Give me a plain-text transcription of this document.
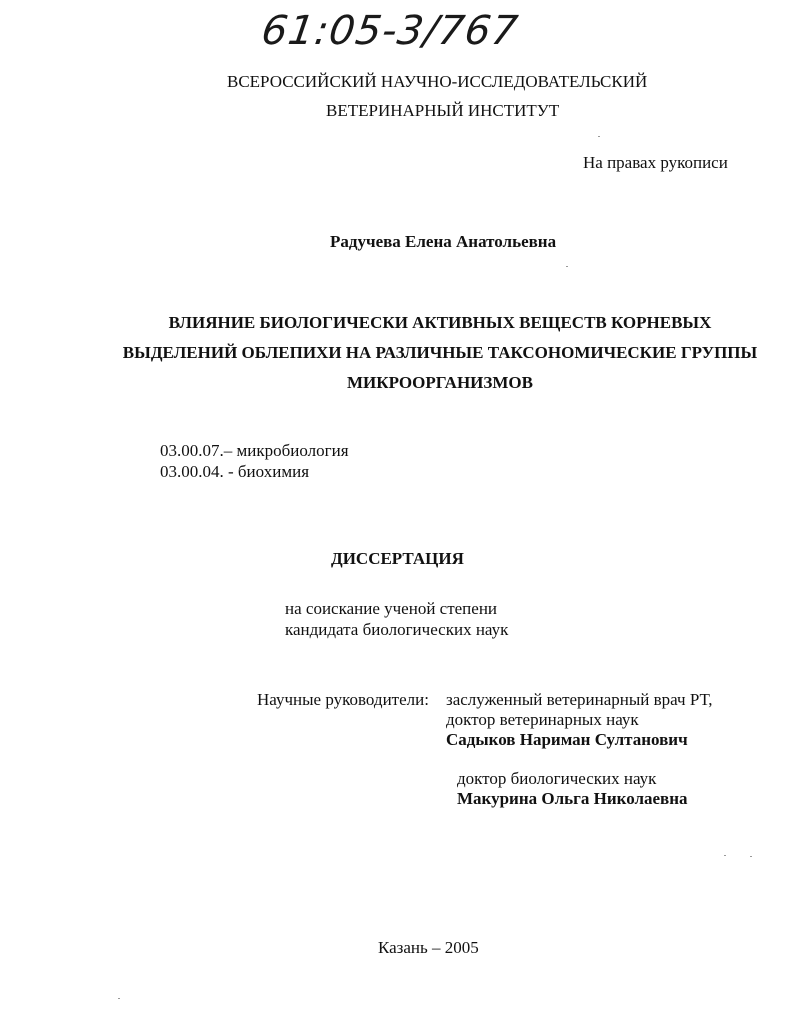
61:05-3/767
ВСЕРОССИЙСКИЙ НАУЧНО-ИССЛЕДОВАТЕЛЬСКИЙ
ВЕТЕРИНАРНЫЙ ИНСТИТУТ
На правах рукописи
Радучева Елена Анатольевна
ВЛИЯНИЕ БИОЛОГИЧЕСКИ АКТИВНЫХ ВЕЩЕСТВ КОРНЕВЫХ ВЫДЕЛЕНИЙ ОБЛЕПИХИ НА РАЗЛИЧНЫЕ ТАКСОНОМИЧЕСКИЕ ГРУППЫ МИКРООРГАНИЗМОВ
03.00.07.– микробиология
03.00.04. - биохимия
ДИССЕРТАЦИЯ
на соискание ученой степени
кандидата биологических наук
Научные руководители: заслуженный ветеринарный врач РТ,
доктор ветеринарных наук
Садыков Нариман Султанович
доктор биологических наук
Макурина Ольга Николаевна
Казань – 2005
